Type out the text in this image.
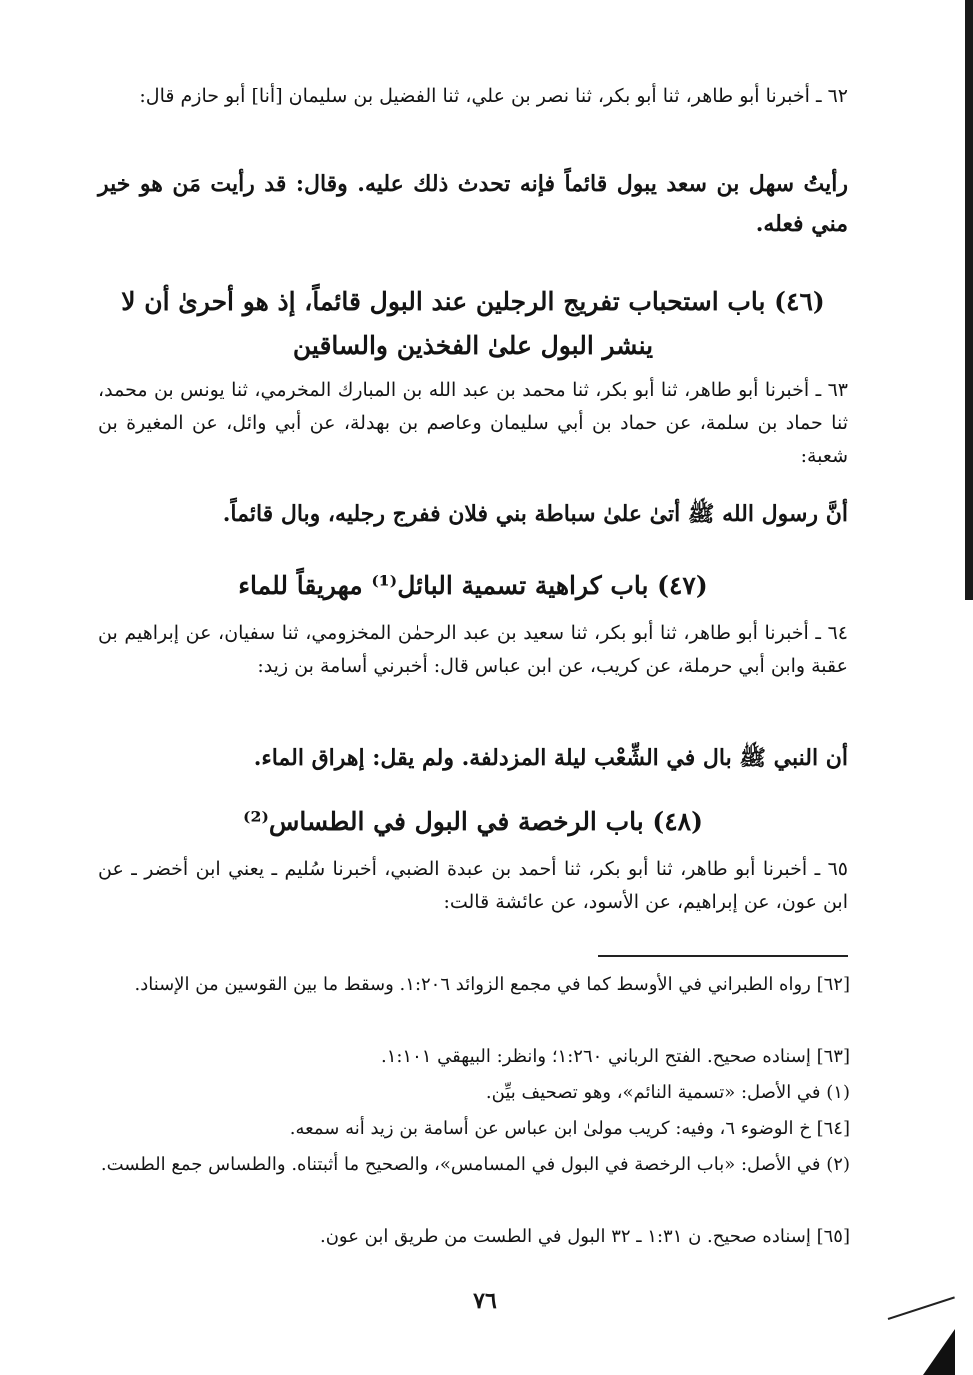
٦٢ ـ أخبرنا أبو طاهر، ثنا أبو بكر، ثنا نصر بن علي، ثنا الفضيل بن سليمان [أنا] أبو حازم قال:
رأيتُ سهل بن سعد يبول قائماً فإنه تحدث ذلك عليه. وقال: قد رأيت مَن هو خير مني فعله.
(٤٦) باب استحباب تفريج الرجلين عند البول قائماً، إذ هو أحرىٰ أن لا ينشر البول علىٰ الفخذين والساقين
٦٣ ـ أخبرنا أبو طاهر، ثنا أبو بكر، ثنا محمد بن عبد الله بن المبارك المخرمي، ثنا يونس بن محمد، ثنا حماد بن سلمة، عن حماد بن أبي سليمان وعاصم بن بهدلة، عن أبي وائل، عن المغيرة بن شعبة:
أنَّ رسول الله ﷺ أتىٰ علىٰ سباطة بني فلان ففرج رجليه، وبال قائماً.
(٤٧) باب كراهية تسمية البائل⁽¹⁾ مهريقاً للماء
٦٤ ـ أخبرنا أبو طاهر، ثنا أبو بكر، ثنا سعيد بن عبد الرحمٰن المخزومي، ثنا سفيان، عن إبراهيم بن عقبة وابن أبي حرملة، عن كريب، عن ابن عباس قال: أخبرني أسامة بن زيد:
أن النبي ﷺ بال في الشِّعْب ليلة المزدلفة. ولم يقل: إهراق الماء.
(٤٨) باب الرخصة في البول في الطساس⁽²⁾
٦٥ ـ أخبرنا أبو طاهر، ثنا أبو بكر، ثنا أحمد بن عبدة الضبي، أخبرنا سُليم ـ يعني ابن أخضر ـ عن ابن عون، عن إبراهيم، عن الأسود، عن عائشة قالت:
[٦٢] رواه الطبراني في الأوسط كما في مجمع الزوائد ١:٢٠٦. وسقط ما بين القوسين من الإسناد.
[٦٣] إسناده صحيح. الفتح الرباني ١:٢٦٠؛ وانظر: البيهقي ١:١٠١.
(١) في الأصل: «تسمية النائم»، وهو تصحيف بيِّن.
[٦٤] خ الوضوء ٦، وفيه: كريب مولىٰ ابن عباس عن أسامة بن زيد أنه سمعه.
(٢) في الأصل: «باب الرخصة في البول في المسامس»، والصحيح ما أثبتناه. والطساس جمع الطست.
[٦٥] إسناده صحيح. ن ١:٣١ ـ ٣٢ البول في الطست من طريق ابن عون.
٧٦
